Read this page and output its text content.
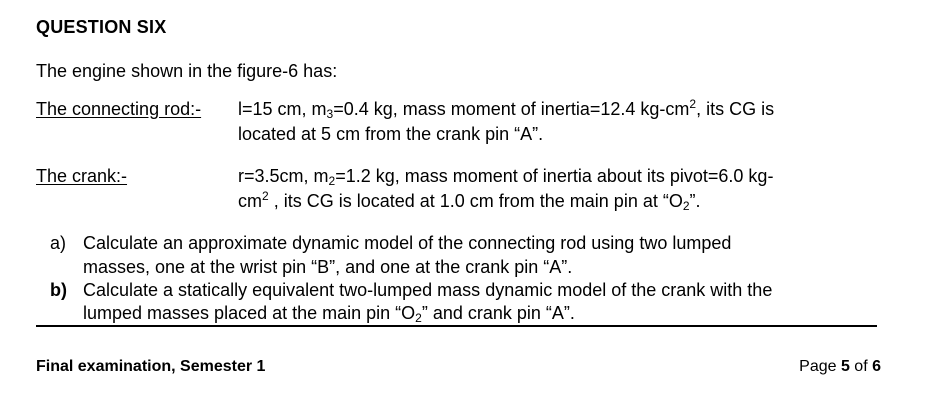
QUESTION SIX
The engine shown in the figure-6 has:
The connecting rod:- l=15 cm, $m_3=0.4$ kg, mass moment of inertia=12.4 $kg-cm^2$, its CG is
located at 5 cm from the crank pin “A”.
The crank:-	r=3.5cm, $m_2=1.2$ kg, mass moment of inertia about its pivot=6.0 kg-
$cm^2$ , its CG is located at 1.0 cm from the main pin at “$O_2$”.
a) Calculate an approximate dynamic model of the connecting rod using two lumped
masses, one at the wrist pin “B”, and one at the crank pin “A”.
b) Calculate a statically equivalent two-lumped mass dynamic model of the crank with the
lumped masses placed at the main pin “$O_2$” and crank pin “A”.
Final examination, Semester 1	Page 5 of 6
